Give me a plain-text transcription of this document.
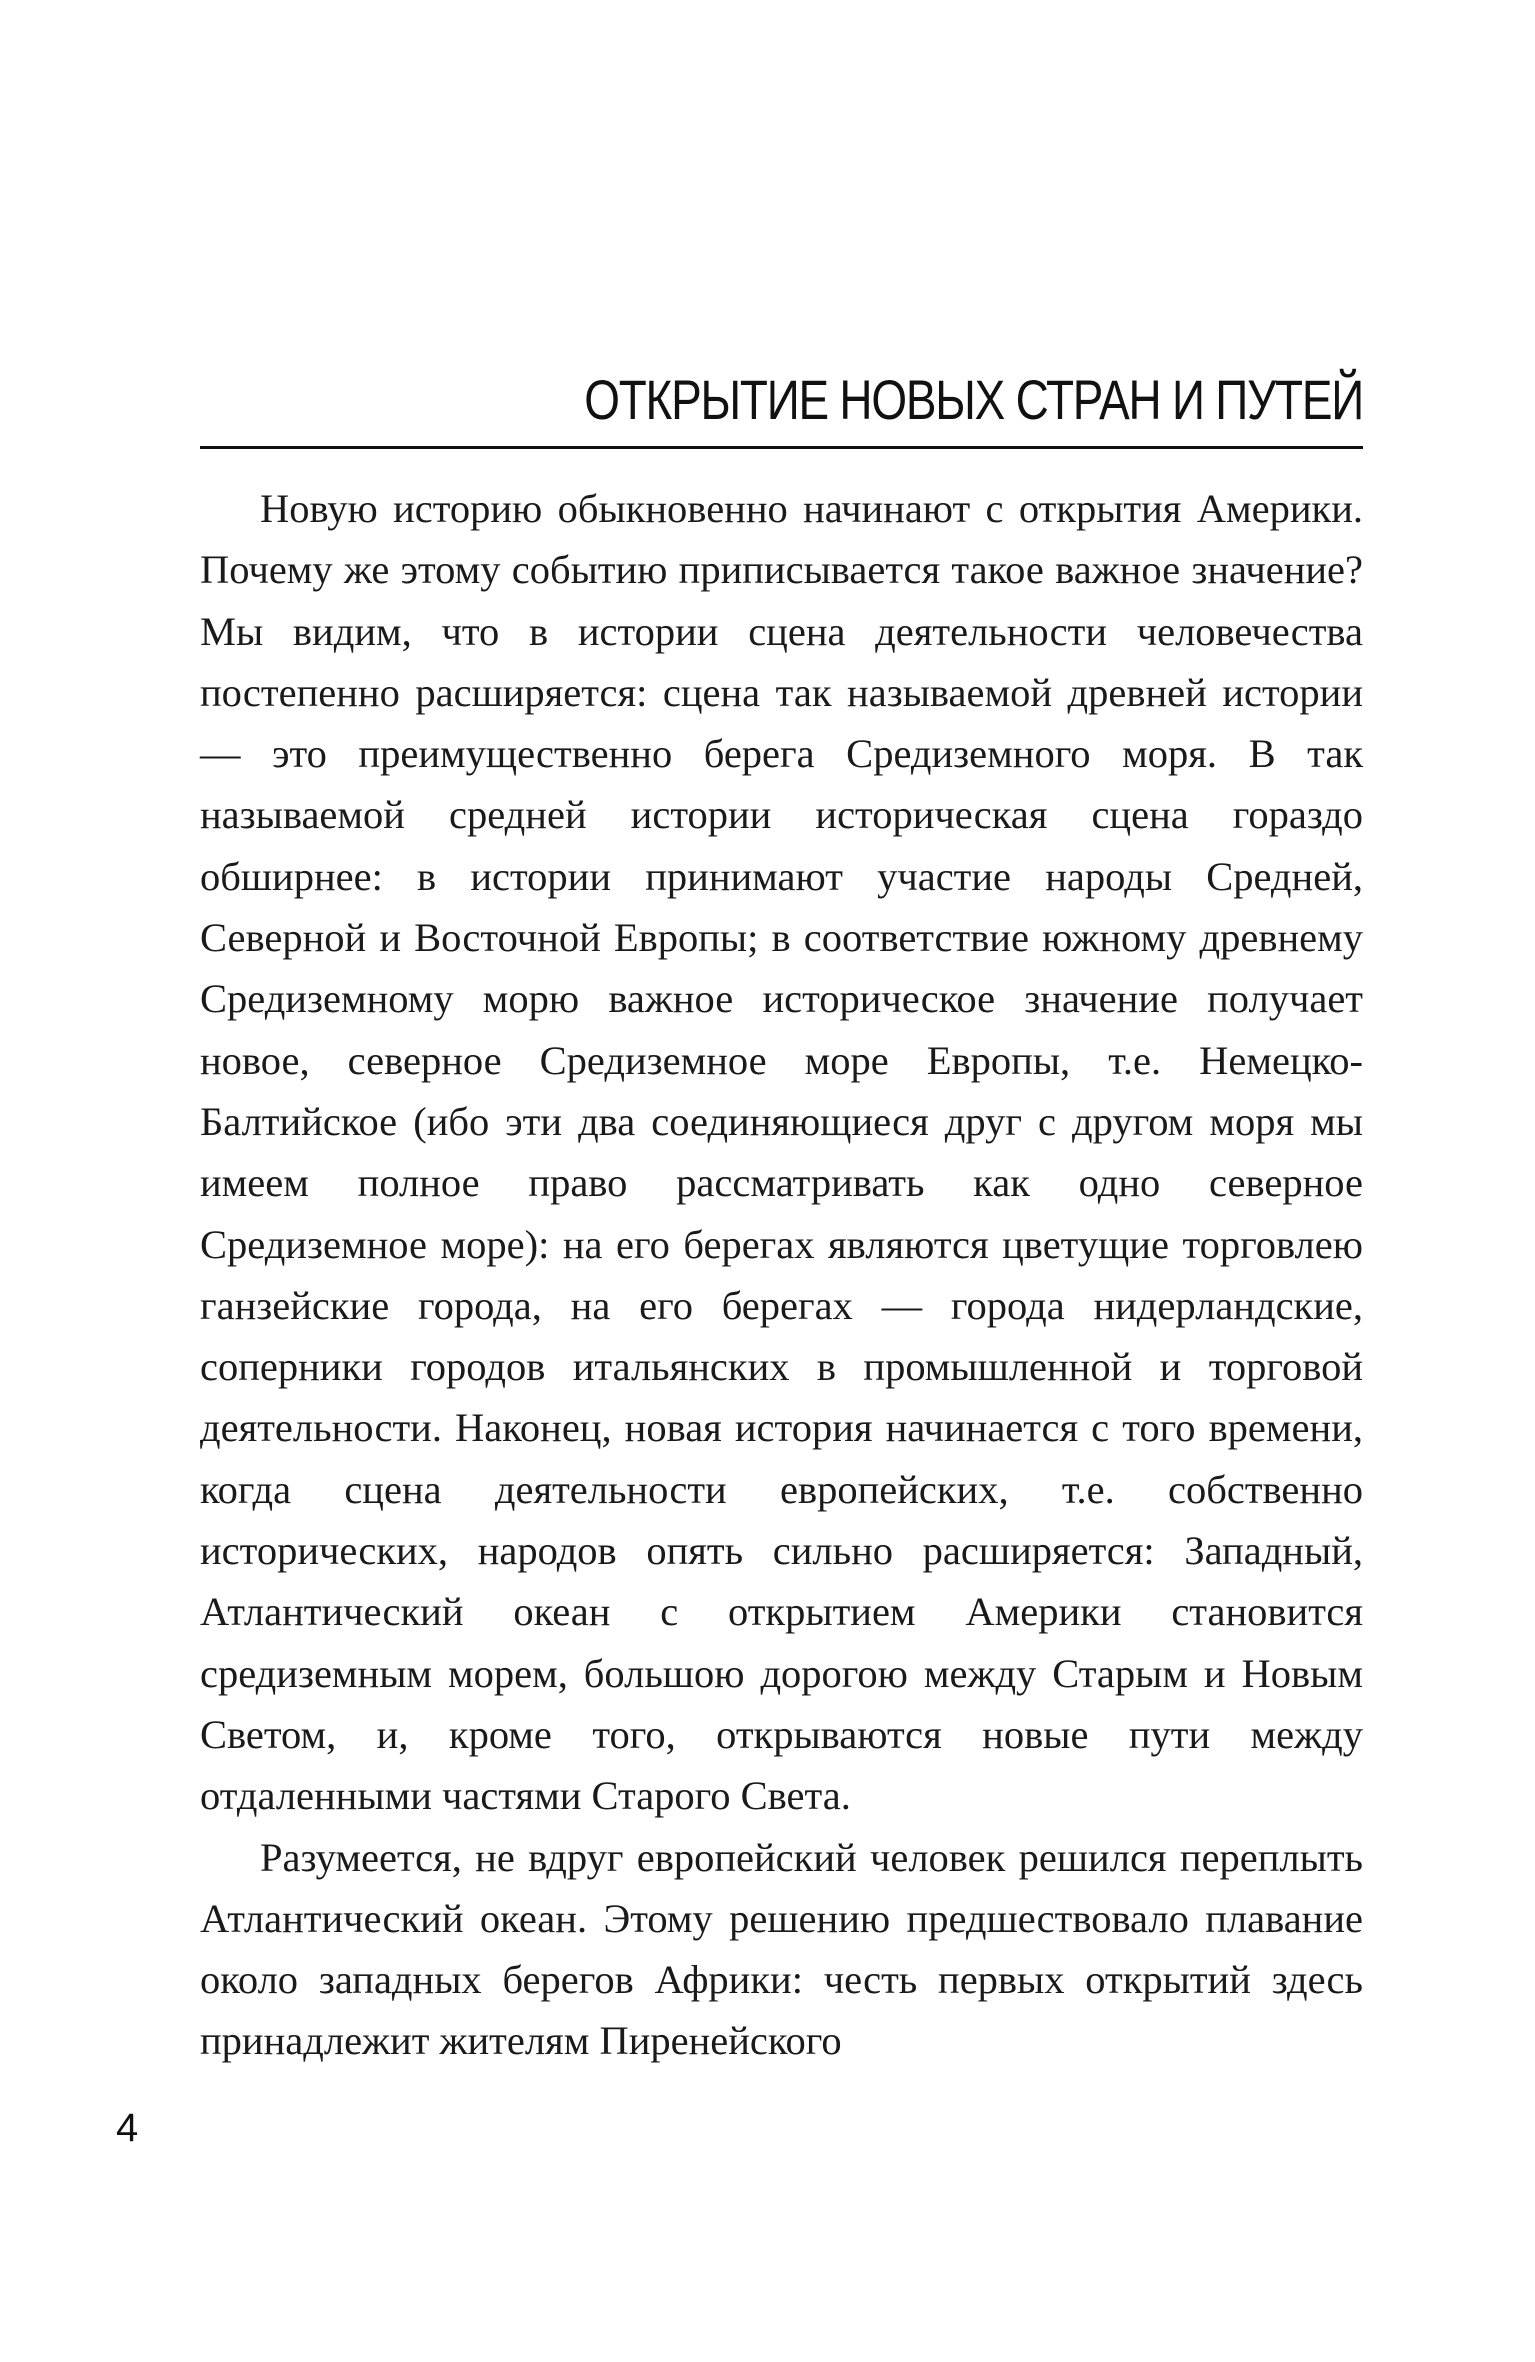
ОТКРЫТИЕ НОВЫХ СТРАН И ПУТЕЙ

Новую историю обыкновенно начинают с открытия Америки. Почему же этому событию приписывается такое важное значение? Мы видим, что в истории сцена деятельности человечества постепенно расширяется: сцена так называемой древней истории — это преимущественно берега Средиземного моря. В так называемой средней истории историческая сцена гораздо обширнее: в истории принимают участие народы Средней, Северной и Восточной Европы; в соответствие южному древнему Средиземному морю важное историческое значение получает новое, северное Средиземное море Европы, т.е. Немецко-Балтийское (ибо эти два соединяющиеся друг с другом моря мы имеем полное право рассматривать как одно северное Средиземное море): на его берегах являются цветущие торговлею ганзейские города, на его берегах — города нидерландские, соперники городов итальянских в промышленной и торговой деятельности. Наконец, новая история начинается с того времени, когда сцена деятельности европейских, т.е. собственно исторических, народов опять сильно расширяется: Западный, Атлантический океан с открытием Америки становится средиземным морем, большою дорогою между Старым и Новым Светом, и, кроме того, открываются новые пути между отдаленными частями Старого Света.

Разумеется, не вдруг европейский человек решился переплыть Атлантический океан. Этому решению предшествовало плавание около западных берегов Африки: честь первых открытий здесь принадлежит жителям Пиренейского

4
